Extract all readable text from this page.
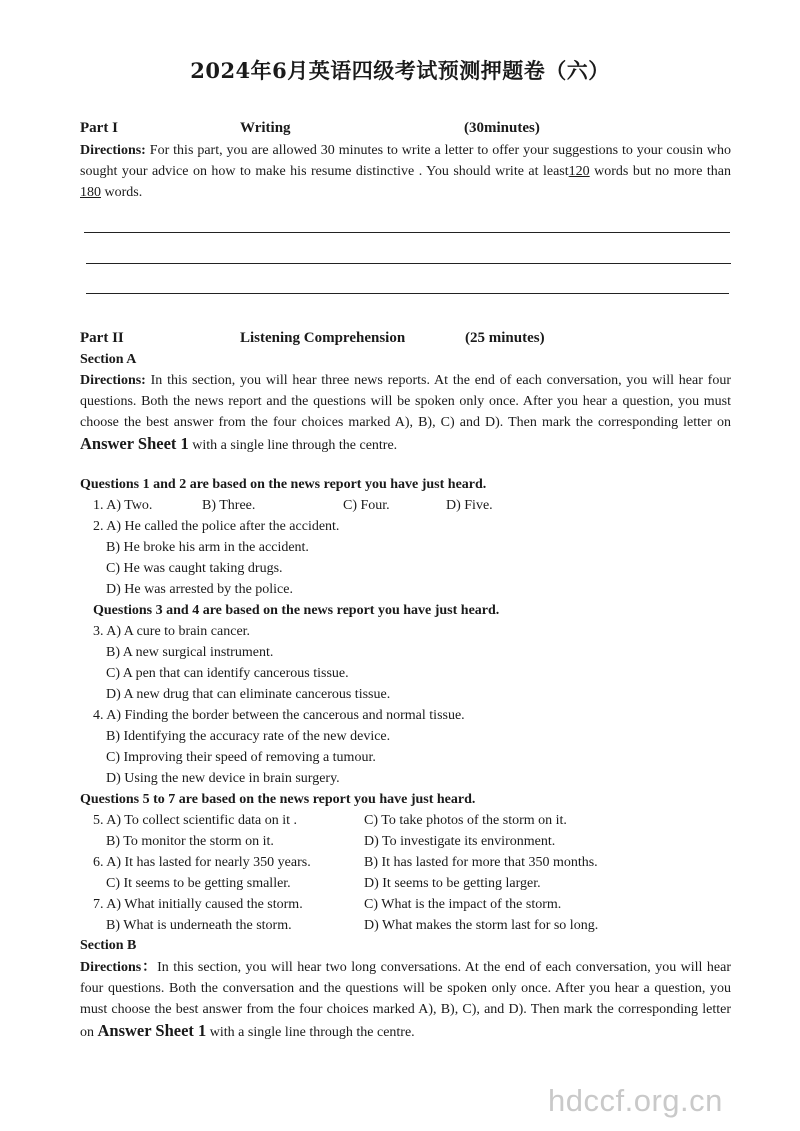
2024年6月英语四级考试预测押题卷（六）
Part I	Writing	(30minutes)
Directions: For this part, you are allowed 30 minutes to write a letter to offer your suggestions to your cousin who sought your advice on how to make his resume distinctive . You should write at least120 words but no more than 180 words.
Part II	Listening Comprehension	(25 minutes)
Section A
Directions: In this section, you will hear three news reports. At the end of each conversation, you will hear four questions. Both the news report and the questions will be spoken only once. After you hear a question, you must choose the best answer from the four choices marked A), B), C) and D). Then mark the corresponding letter on Answer Sheet 1 with a single line through the centre.
Questions 1 and 2 are based on the news report you have just heard.
1. A) Two.	B) Three.	C) Four.	D) Five.
2. A) He called the police after the accident.
B) He broke his arm in the accident.
C) He was caught taking drugs.
D) He was arrested by the police.
Questions 3 and 4 are based on the news report you have just heard.
3. A) A cure to brain cancer.
B) A new surgical instrument.
C) A pen that can identify cancerous tissue.
D) A new drug that can eliminate cancerous tissue.
4. A) Finding the border between the cancerous and normal tissue.
B) Identifying the accuracy rate of the new device.
C) Improving their speed of removing a tumour.
D) Using the new device in brain surgery.
Questions 5 to 7 are based on the news report you have just heard.
5. A) To collect scientific data on it .	C) To take photos of the storm on it.
B) To monitor the storm on it.	D) To investigate its environment.
6. A) It has lasted for nearly 350 years.	B) It has lasted for more that 350 months.
C) It seems to be getting smaller.	D) It seems to be getting larger.
7. A) What initially caused the storm.	C) What is the impact of the storm.
B) What is underneath the storm.	D) What makes the storm last for so long.
Section B
Directions：In this section, you will hear two long conversations. At the end of each conversation, you will hear four questions. Both the conversation and the questions will be spoken only once. After you hear a question, you must choose the best answer from the four choices marked A), B), C), and D). Then mark the corresponding letter on Answer Sheet 1 with a single line through the centre.
hdccf.org.cn
